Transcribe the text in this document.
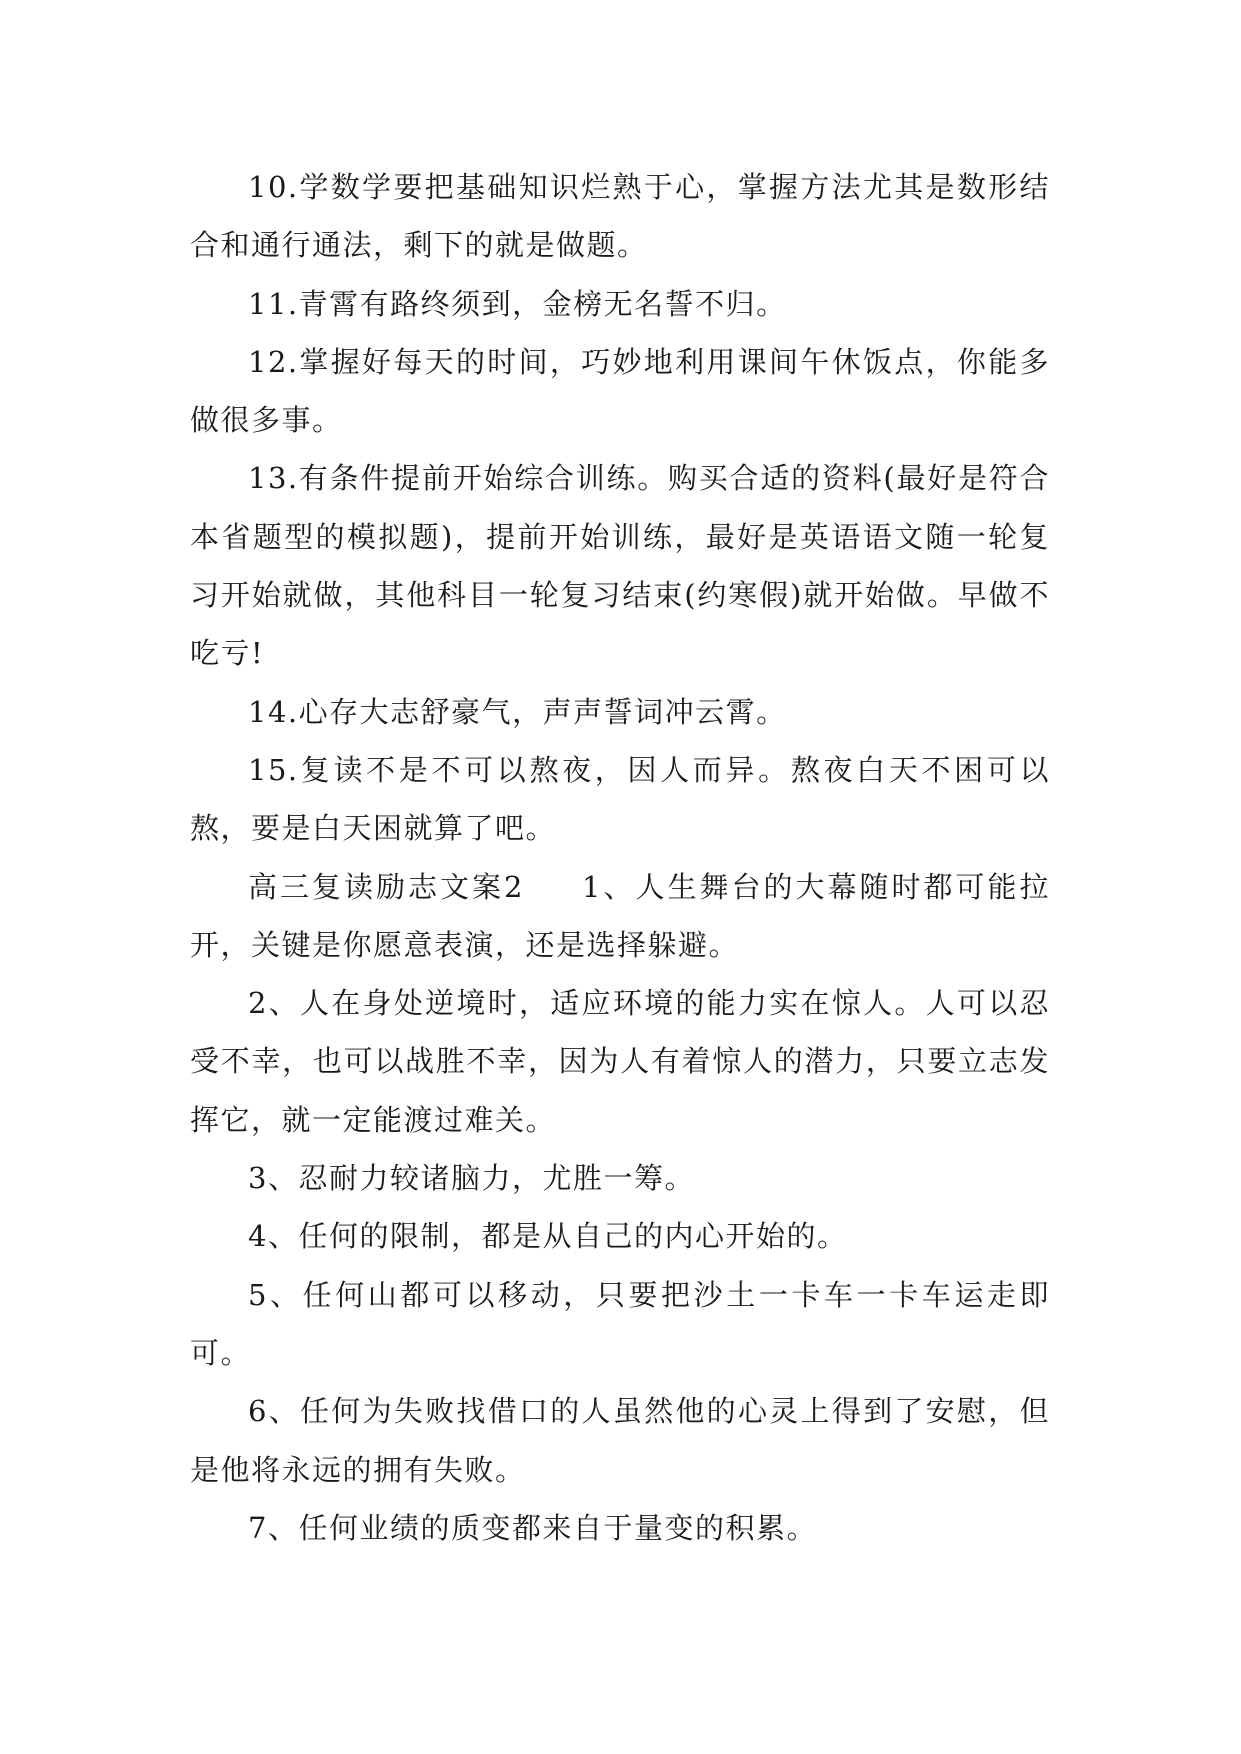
10.学数学要把基础知识烂熟于心，掌握方法尤其是数形结合和通行通法，剩下的就是做题。

11.青霄有路终须到，金榜无名誓不归。

12.掌握好每天的时间，巧妙地利用课间午休饭点，你能多做很多事。

13.有条件提前开始综合训练。购买合适的资料(最好是符合本省题型的模拟题)，提前开始训练，最好是英语语文随一轮复习开始就做，其他科目一轮复习结束(约寒假)就开始做。早做不吃亏!

14.心存大志舒豪气，声声誓词冲云霄。

15.复读不是不可以熬夜，因人而异。熬夜白天不困可以熬，要是白天困就算了吧。

高三复读励志文案2 1、人生舞台的大幕随时都可能拉开，关键是你愿意表演，还是选择躲避。

2、人在身处逆境时，适应环境的能力实在惊人。人可以忍受不幸，也可以战胜不幸，因为人有着惊人的潜力，只要立志发挥它，就一定能渡过难关。

3、忍耐力较诸脑力，尤胜一筹。

4、任何的限制，都是从自己的内心开始的。

5、任何山都可以移动，只要把沙土一卡车一卡车运走即可。

6、任何为失败找借口的人虽然他的心灵上得到了安慰，但是他将永远的拥有失败。

7、任何业绩的质变都来自于量变的积累。
